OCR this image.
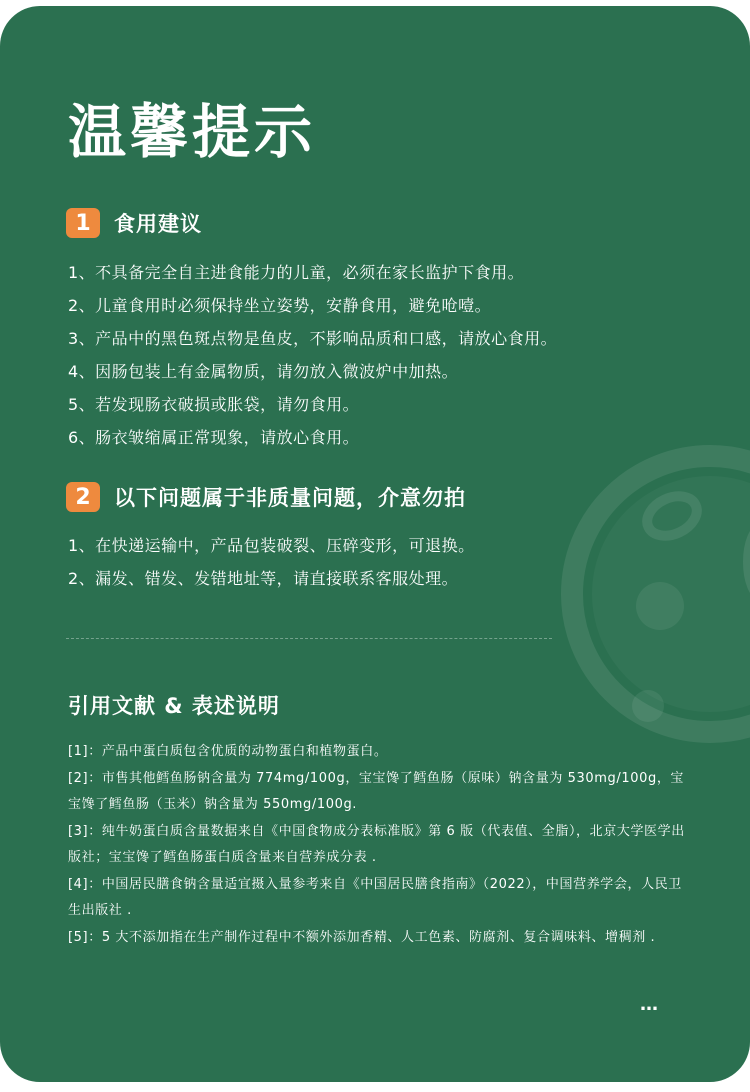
温馨提示
1	食用建议
1、不具备完全自主进食能力的儿童，必须在家长监护下食用。
2、儿童食用时必须保持坐立姿势，安静食用，避免呛噎。
3、产品中的黑色斑点物是鱼皮，不影响品质和口感，请放心食用。
4、因肠包装上有金属物质，请勿放入微波炉中加热。
5、若发现肠衣破损或胀袋，请勿食用。
6、肠衣皱缩属正常现象，请放心食用。
2	以下问题属于非质量问题，介意勿拍
1、在快递运输中，产品包装破裂、压碎变形，可退换。
2、漏发、错发、发错地址等，请直接联系客服处理。
引用文献 & 表述说明
[1]：产品中蛋白质包含优质的动物蛋白和植物蛋白。
[2]：市售其他鳕鱼肠钠含量为 774mg/100g，宝宝馋了鳕鱼肠（原味）钠含量为 530mg/100g，宝宝馋了鳕鱼肠（玉米）钠含量为 550mg/100g.
[3]：纯牛奶蛋白质含量数据来自《中国食物成分表标准版》第 6 版（代表值、全脂），北京大学医学出版社；宝宝馋了鳕鱼肠蛋白质含量来自营养成分表 .
[4]：中国居民膳食钠含量适宜摄入量参考来自《中国居民膳食指南》（2022），中国营养学会，人民卫生出版社 .
[5]：5 大不添加指在生产制作过程中不额外添加香精、人工色素、防腐剂、复合调味料、增稠剂 .
…
